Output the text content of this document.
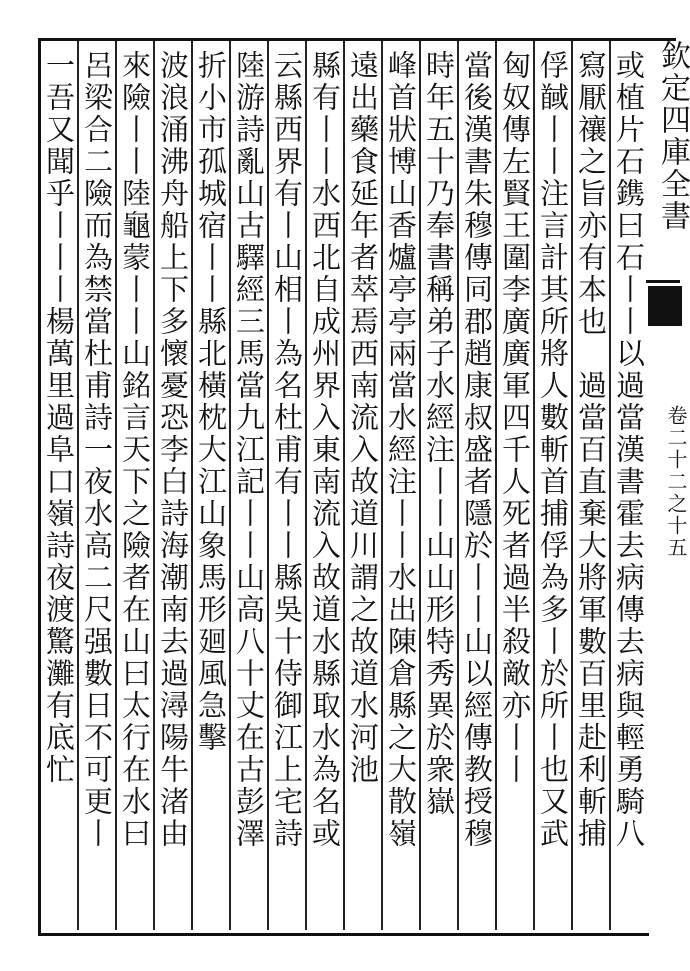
欽定四庫全書
卷二十二之十五
或植片石鎸曰石丨丨以過當漢書霍去病傳去病與輕勇騎八
寫厭禳之旨亦有本也　過當百直棄大將軍數百里赴利斬捕
俘馘丨丨注言計其所將人數斬首捕俘為多丨於所丨也又武
匈奴傳左賢王圍李廣廣軍四千人死者過半殺敵亦丨丨
當後漢書朱穆傳同郡趙康叔盛者隱於丨丨山以經傳教授穆
時年五十乃奉書稱弟子水經注丨丨山山形特秀異於衆嶽
峰首狀博山香爐亭亭兩當水經注丨丨水出陳倉縣之大散嶺
遠出藥食延年者萃焉西南流入故道川謂之故道水河池
縣有丨丨水西北自成州界入東南流入故道水縣取水為名或
云縣西界有丨山相丨為名杜甫有丨丨縣吳十侍御江上宅詩
陸游詩亂山古驛經三馬當九江記丨丨山高八十丈在古彭澤
折小市孤城宿丨丨縣北橫枕大江山象馬形廻風急擊
波浪涌沸舟船上下多懷憂恐李白詩海潮南去過潯陽牛渚由
來險丨丨陸龜蒙丨丨山銘言天下之險者在山曰太行在水曰
呂梁合二險而為禁當杜甫詩一夜水高二尺强數日不可更丨
一吾又聞乎丨丨丨楊萬里過阜口嶺詩夜渡驚灘有底忙
